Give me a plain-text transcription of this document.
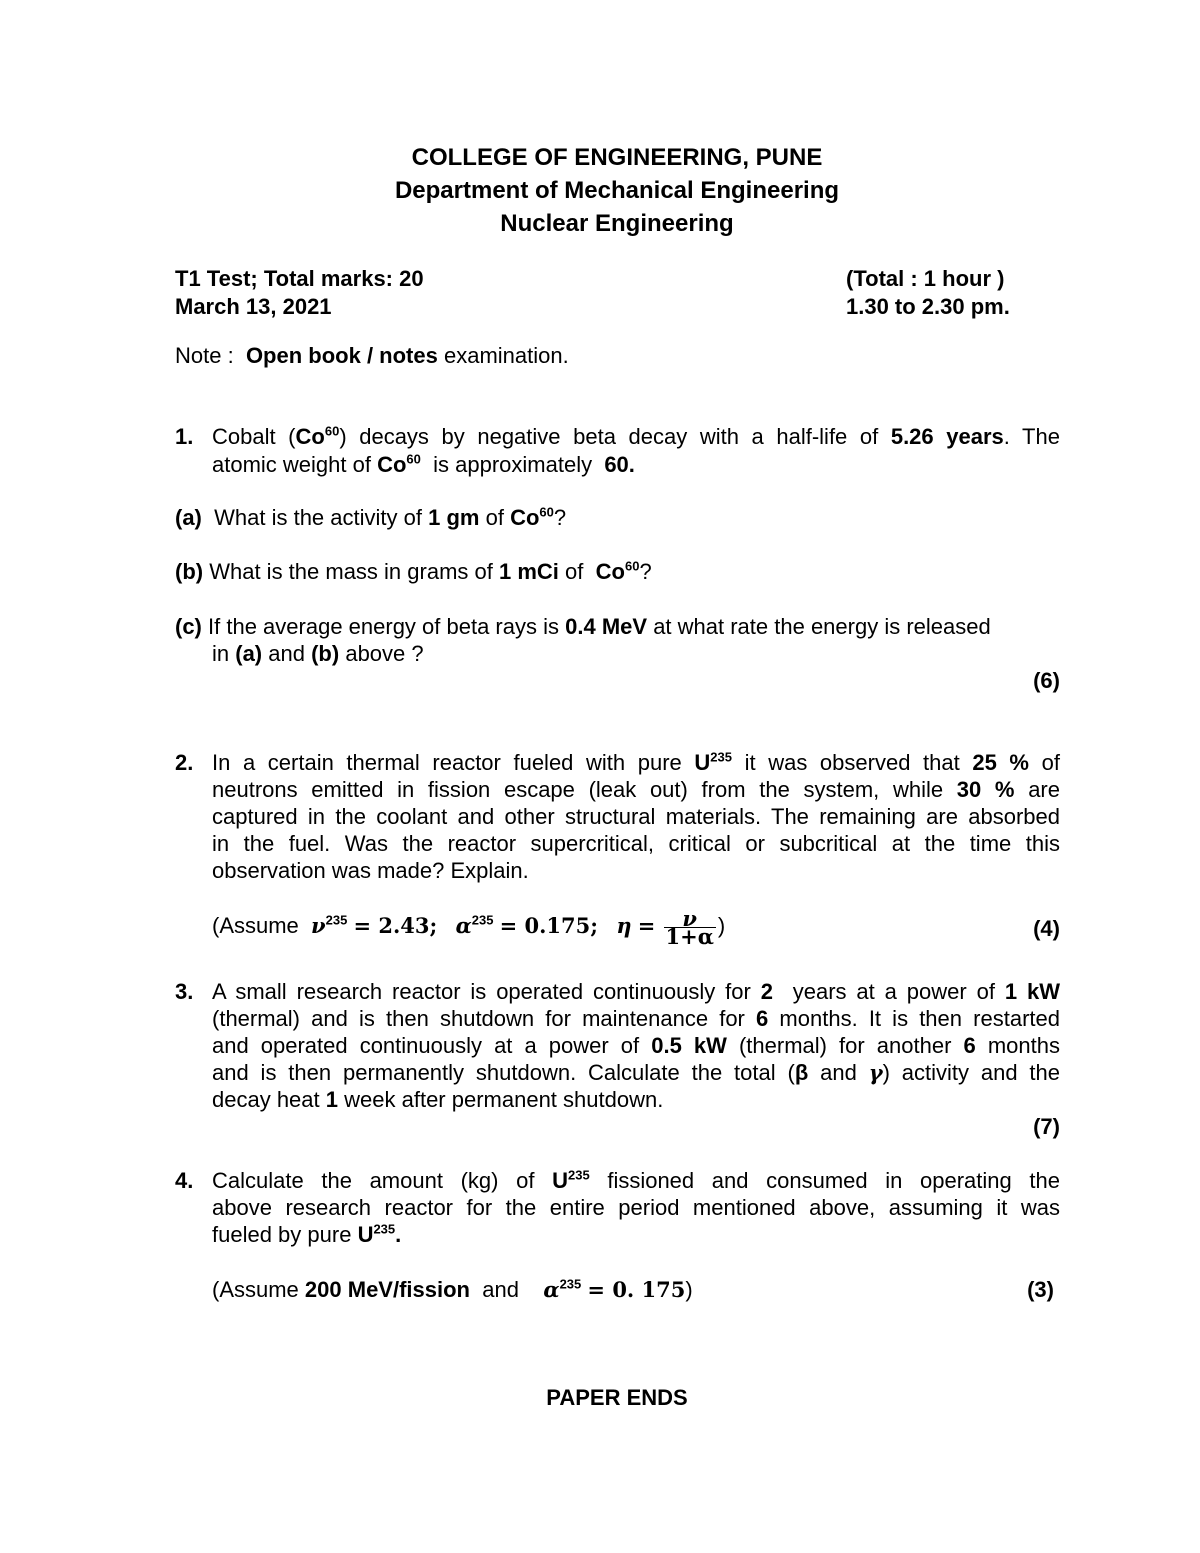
COLLEGE OF ENGINEERING, PUNE
Department of Mechanical Engineering
Nuclear Engineering
T1 Test; Total marks: 20	(Total : 1 hour )
March 13, 2021	1.30 to 2.30 pm.
Note : Open book / notes examination.
1. Cobalt (Co$^{60}$) decays by negative beta decay with a half-life of 5.26 years. The
atomic weight of Co$^{60}$ is approximately 60.
(a) What is the activity of 1 gm of Co$^{60}$?
(b) What is the mass in grams of 1 mCi of Co$^{60}$?
(c) If the average energy of beta rays is 0.4 MeV at what rate the energy is released
in (a) and (b) above ?
(6)
2. In a certain thermal reactor fueled with pure $U^{235}$ it was observed that 25 % of
neutrons emitted in fission escape (leak out) from the system, while 30 % are
captured in the coolant and other structural materials. The remaining are absorbed
in the fuel. Was the reactor supercritical, critical or subcritical at the time this
observation was made? Explain.
(Assume $\nu^{235} = 2.43$; $\alpha^{235} = 0.175$; $\eta = \frac{\nu}{1+\alpha}$ )	(4)
3. A small research reactor is operated continuously for 2 years at a power of 1 kW
(thermal) and is then shutdown for maintenance for 6 months. It is then restarted
and operated continuously at a power of 0.5 kW (thermal) for another 6 months
and is then permanently shutdown. Calculate the total (β and γ) activity and the
decay heat 1 week after permanent shutdown.
(7)
4. Calculate the amount (kg) of $U^{235}$ fissioned and consumed in operating the
above research reactor for the entire period mentioned above, assuming it was
fueled by pure $U^{235}$.
(Assume 200 MeV/fission and $\alpha^{235} = 0$. 175)	(3)
PAPER ENDS
